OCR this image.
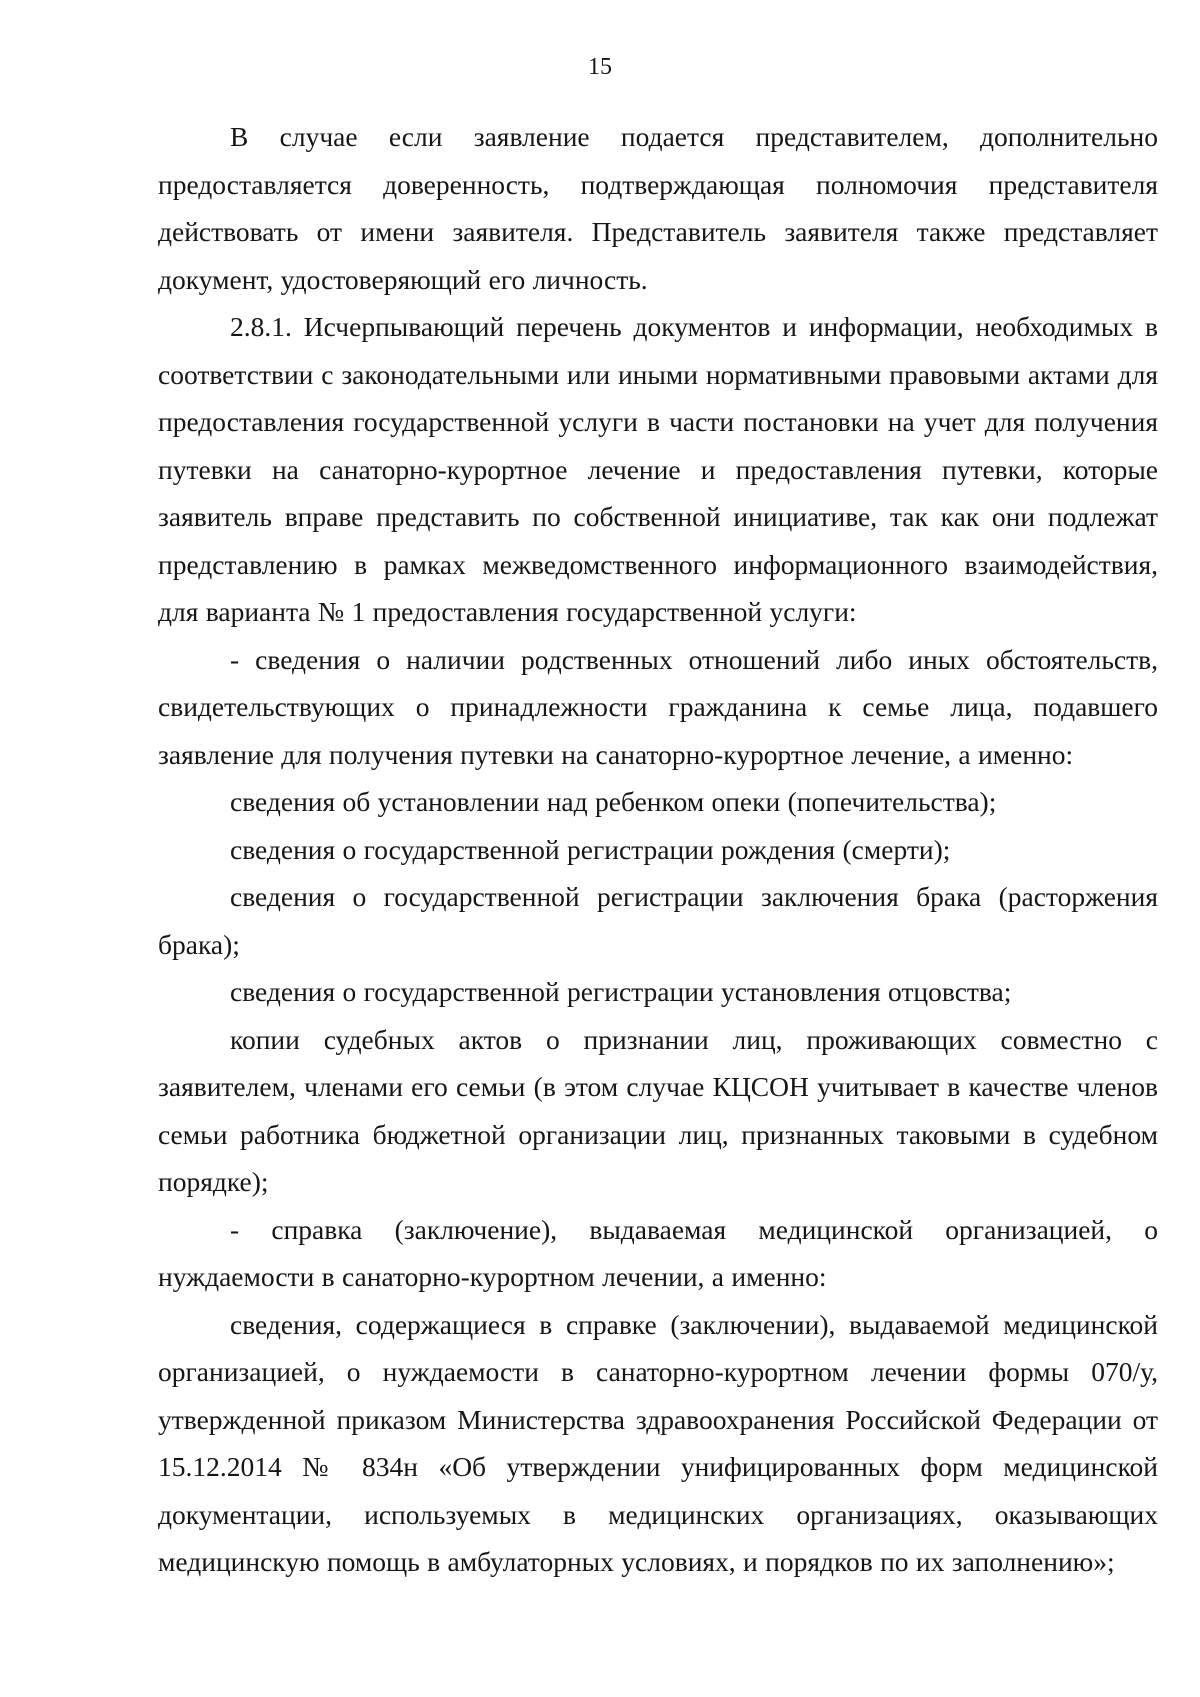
15

В случае если заявление подается представителем, дополнительно предоставляется доверенность, подтверждающая полномочия представителя действовать от имени заявителя. Представитель заявителя также представляет документ, удостоверяющий его личность.

2.8.1. Исчерпывающий перечень документов и информации, необходимых в соответствии с законодательными или иными нормативными правовыми актами для предоставления государственной услуги в части постановки на учет для получения путевки на санаторно-курортное лечение и предоставления путевки, которые заявитель вправе представить по собственной инициативе, так как они подлежат представлению в рамках межведомственного информационного взаимодействия, для варианта № 1 предоставления государственной услуги:

- сведения о наличии родственных отношений либо иных обстоятельств, свидетельствующих о принадлежности гражданина к семье лица, подавшего заявление для получения путевки на санаторно-курортное лечение, а именно:

сведения об установлении над ребенком опеки (попечительства);

сведения о государственной регистрации рождения (смерти);

сведения о государственной регистрации заключения брака (расторжения брака);

сведения о государственной регистрации установления отцовства;

копии судебных актов о признании лиц, проживающих совместно с заявителем, членами его семьи (в этом случае КЦСОН учитывает в качестве членов семьи работника бюджетной организации лиц, признанных таковыми в судебном порядке);

- справка (заключение), выдаваемая медицинской организацией, о нуждаемости в санаторно-курортном лечении, а именно:

сведения, содержащиеся в справке (заключении), выдаваемой медицинской организацией, о нуждаемости в санаторно-курортном лечении формы 070/у, утвержденной приказом Министерства здравоохранения Российской Федерации от 15.12.2014 № 834н «Об утверждении унифицированных форм медицинской документации, используемых в медицинских организациях, оказывающих медицинскую помощь в амбулаторных условиях, и порядков по их заполнению»;
